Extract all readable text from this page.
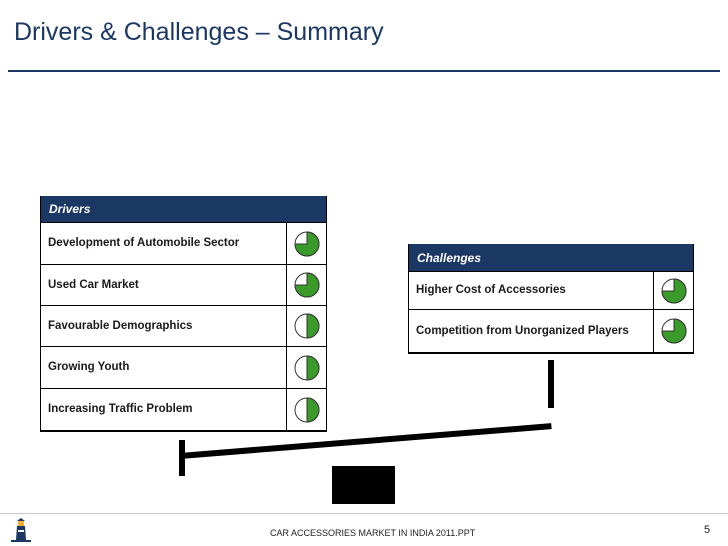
Drivers & Challenges – Summary
Drivers
Development of Automobile Sector
Used Car Market
Favourable Demographics
Growing Youth
Increasing Traffic Problem
Challenges
Higher Cost of Accessories
Competition from Unorganized Players
CAR ACCESSORIES MARKET IN INDIA 2011.PPT	5
